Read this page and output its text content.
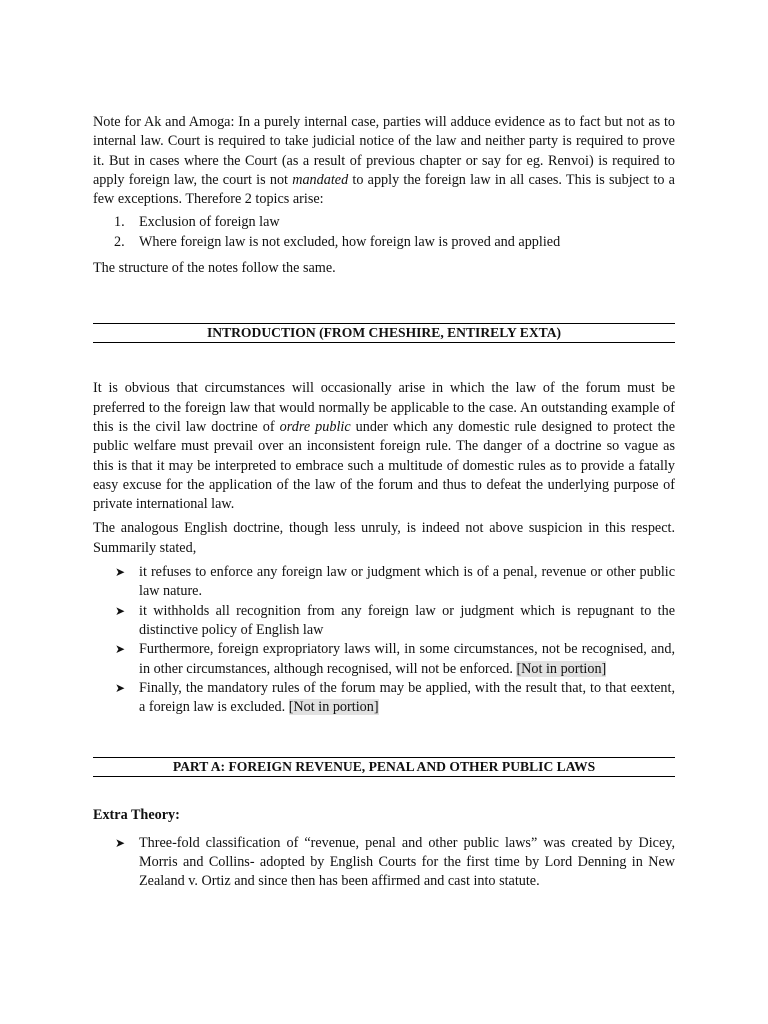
Note for Ak and Amoga: In a purely internal case, parties will adduce evidence as to fact but not as to internal law. Court is required to take judicial notice of the law and neither party is required to prove it. But in cases where the Court (as a result of previous chapter or say for eg. Renvoi) is required to apply foreign law, the court is not mandated to apply the foreign law in all cases. This is subject to a few exceptions. Therefore 2 topics arise:

1. Exclusion of foreign law
2. Where foreign law is not excluded, how foreign law is proved and applied

The structure of the notes follow the same.

INTRODUCTION (FROM CHESHIRE, ENTIRELY EXTA)

It is obvious that circumstances will occasionally arise in which the law of the forum must be preferred to the foreign law that would normally be applicable to the case. An outstanding example of this is the civil law doctrine of ordre public under which any domestic rule designed to protect the public welfare must prevail over an inconsistent foreign rule. The danger of a doctrine so vague as this is that it may be interpreted to embrace such a multitude of domestic rules as to provide a fatally easy excuse for the application of the law of the forum and thus to defeat the underlying purpose of private international law.

The analogous English doctrine, though less unruly, is indeed not above suspicion in this respect. Summarily stated,

➤ it refuses to enforce any foreign law or judgment which is of a penal, revenue or other public law nature.
➤ it withholds all recognition from any foreign law or judgment which is repugnant to the distinctive policy of English law
➤ Furthermore, foreign expropriatory laws will, in some circumstances, not be recognised, and, in other circumstances, although recognised, will not be enforced. [Not in portion]
➤ Finally, the mandatory rules of the forum may be applied, with the result that, to that eextent, a foreign law is excluded. [Not in portion]
PART A: FOREIGN REVENUE, PENAL AND OTHER PUBLIC LAWS

Extra Theory:

➤ Three-fold classification of “revenue, penal and other public laws” was created by Dicey, Morris and Collins- adopted by English Courts for the first time by Lord Denning in New Zealand v. Ortiz and since then has been affirmed and cast into statute.
